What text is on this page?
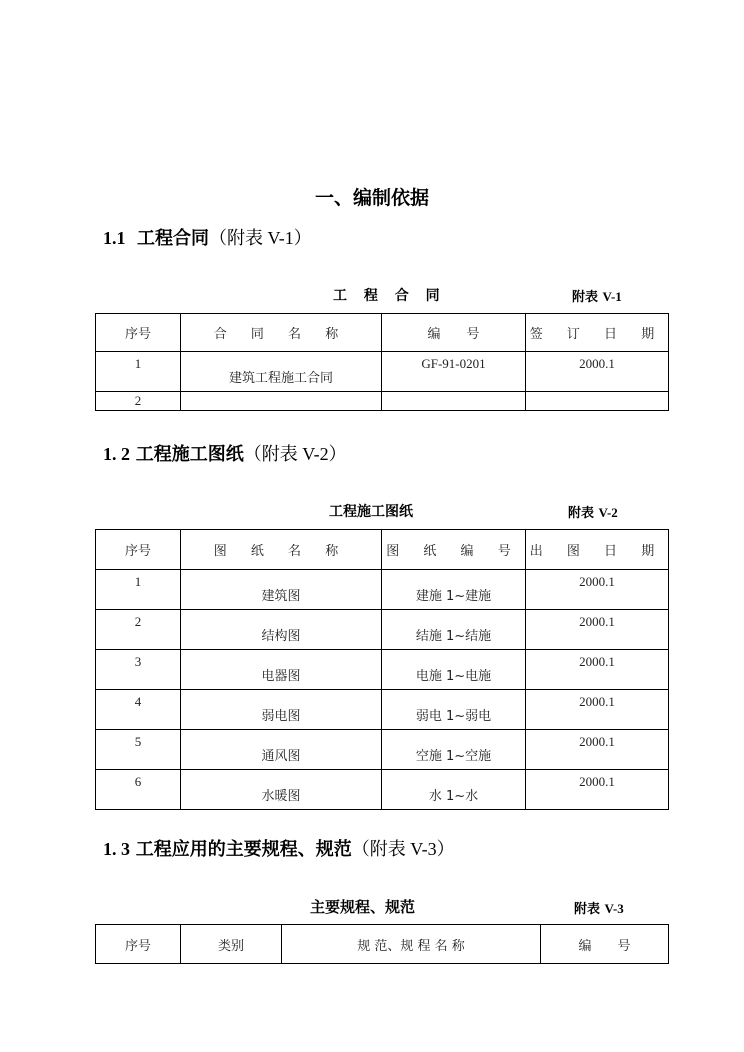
一、编制依据
1.1 工程合同（附表 V-1）
工 程 合 同	附表 V-1
序号	合 同 名 称	编　　号	签 订 日 期
1	建筑工程施工合同	GF-91-0201	2000.1
2			
1. 2 工程施工图纸（附表 V-2）
工程施工图纸	附表 V-2
序号	图 纸 名 称	图 纸 编 号	出 图 日 期
1	建筑图	建施 1~建施	2000.1
2	结构图	结施 1~结施	2000.1
3	电器图	电施 1~电施	2000.1
4	弱电图	弱电 1~弱电	2000.1
5	通风图	空施 1~空施	2000.1
6	水暖图	水 1~水	2000.1
1. 3 工程应用的主要规程、规范（附表 V-3）
主要规程、规范	附表 V-3
序号	类别	规 范、规 程 名 称	编　　号
